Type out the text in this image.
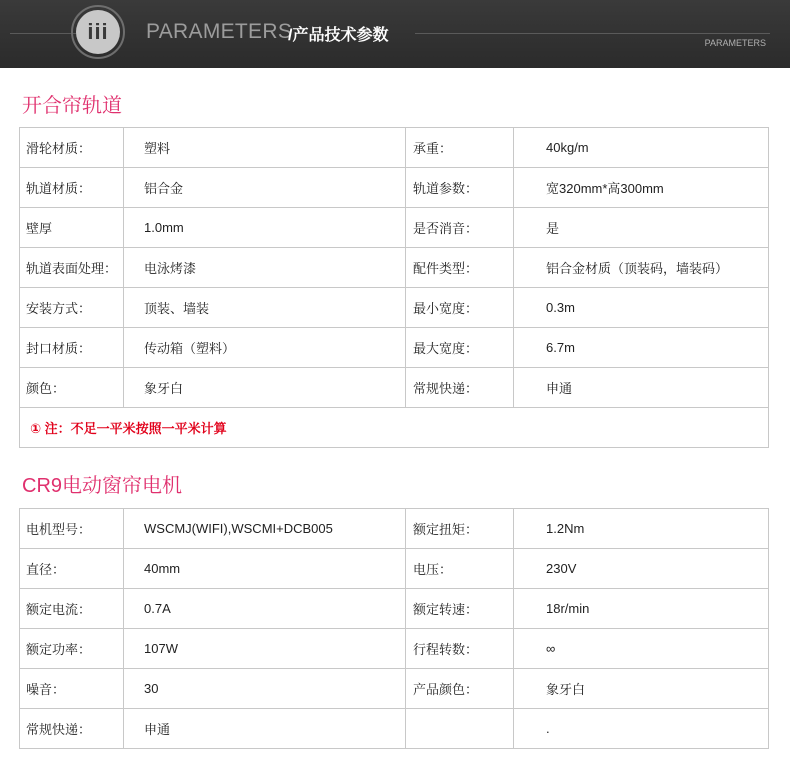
iii	PARAMETERS
/产品技术参数	PARAMETERS
开合帘轨道
滑轮材质：	塑料	承重：	40kg/m
轨道材质：	铝合金	轨道参数：	宽320mm*高300mm
壁厚	1.0mm	是否消音：	是
轨道表面处理：	电泳烤漆	配件类型：	铝合金材质（顶装码，墙装码）
安装方式：	顶装、墙装	最小宽度：	0.3m
封口材质：	传动箱（塑料）	最大宽度：	6.7m
颜色：	象牙白	常规快递：	申通
① 注：不足一平米按照一平米计算			
CR9电动窗帘电机
电机型号：	WSCMJ(WIFI),WSCMI+DCB005	额定扭矩：	1.2Nm
直径：	40mm	电压：	230V
额定电流：	0.7A	额定转速：	18r/min
额定功率：	107W	行程转数：	∞
噪音：	30	产品颜色：	象牙白
常规快递：	申通		.
